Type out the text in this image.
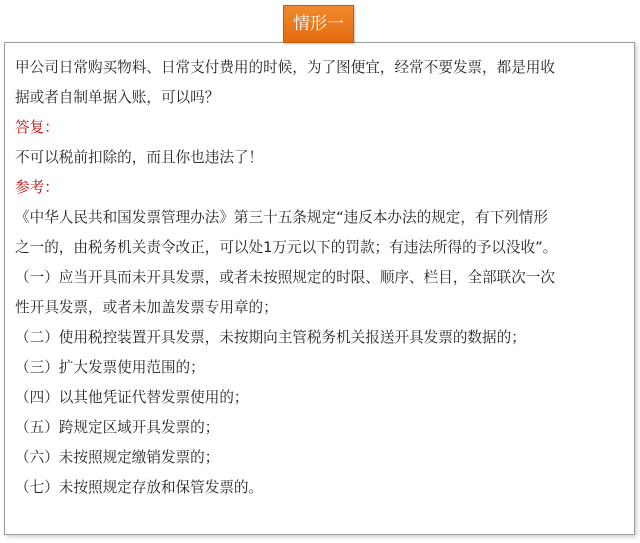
甲公司日常购买物料、日常支付费用的时候，为了图便宜，经常不要发票，都是用收
据或者自制单据入账，可以吗？
答复：
不可以税前扣除的，而且你也违法了！
参考：
《中华人民共和国发票管理办法》第三十五条规定“违反本办法的规定，有下列情形
之一的，由税务机关责令改正，可以处1万元以下的罚款；有违法所得的予以没收”。
（一）应当开具而未开具发票，或者未按照规定的时限、顺序、栏目，全部联次一次
性开具发票，或者未加盖发票专用章的；
（二）使用税控装置开具发票，未按期向主管税务机关报送开具发票的数据的；
（三）扩大发票使用范围的；
（四）以其他凭证代替发票使用的；
（五）跨规定区域开具发票的；
（六）未按照规定缴销发票的；
（七）未按照规定存放和保管发票的。
情形一
